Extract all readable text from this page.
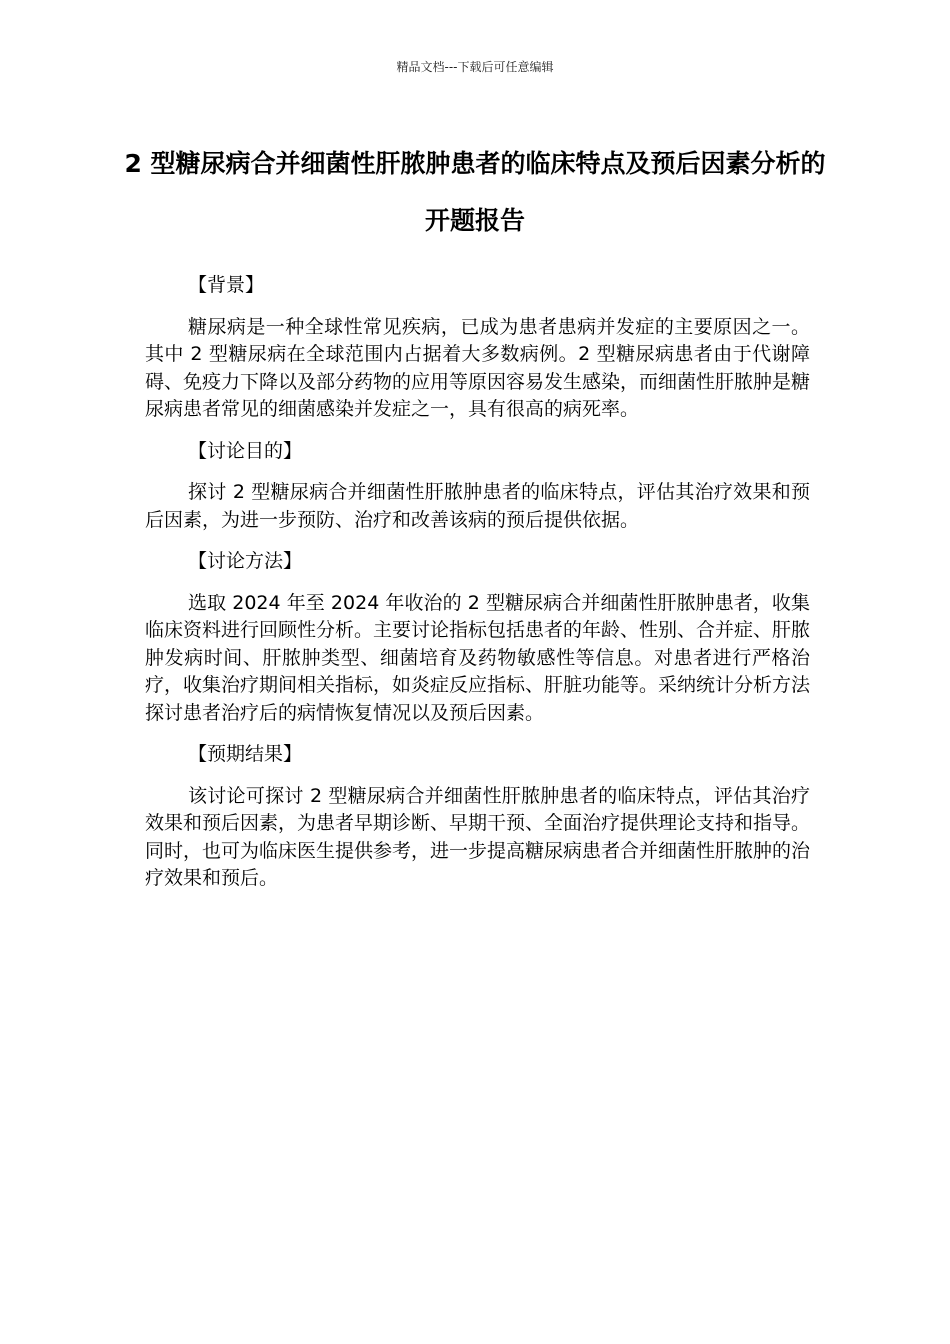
精品文档---下载后可任意编辑
2 型糖尿病合并细菌性肝脓肿患者的临床特点及预后因素分析的开题报告

【背景】

糖尿病是一种全球性常见疾病，已成为患者患病并发症的主要原因之一。其中 2 型糖尿病在全球范围内占据着大多数病例。2 型糖尿病患者由于代谢障碍、免疫力下降以及部分药物的应用等原因容易发生感染，而细菌性肝脓肿是糖尿病患者常见的细菌感染并发症之一，具有很高的病死率。

【讨论目的】

探讨 2 型糖尿病合并细菌性肝脓肿患者的临床特点，评估其治疗效果和预后因素，为进一步预防、治疗和改善该病的预后提供依据。

【讨论方法】

选取 2024 年至 2024 年收治的 2 型糖尿病合并细菌性肝脓肿患者，收集临床资料进行回顾性分析。主要讨论指标包括患者的年龄、性别、合并症、肝脓肿发病时间、肝脓肿类型、细菌培育及药物敏感性等信息。对患者进行严格治疗，收集治疗期间相关指标，如炎症反应指标、肝脏功能等。采纳统计分析方法探讨患者治疗后的病情恢复情况以及预后因素。

【预期结果】

该讨论可探讨 2 型糖尿病合并细菌性肝脓肿患者的临床特点，评估其治疗效果和预后因素，为患者早期诊断、早期干预、全面治疗提供理论支持和指导。同时，也可为临床医生提供参考，进一步提高糖尿病患者合并细菌性肝脓肿的治疗效果和预后。
